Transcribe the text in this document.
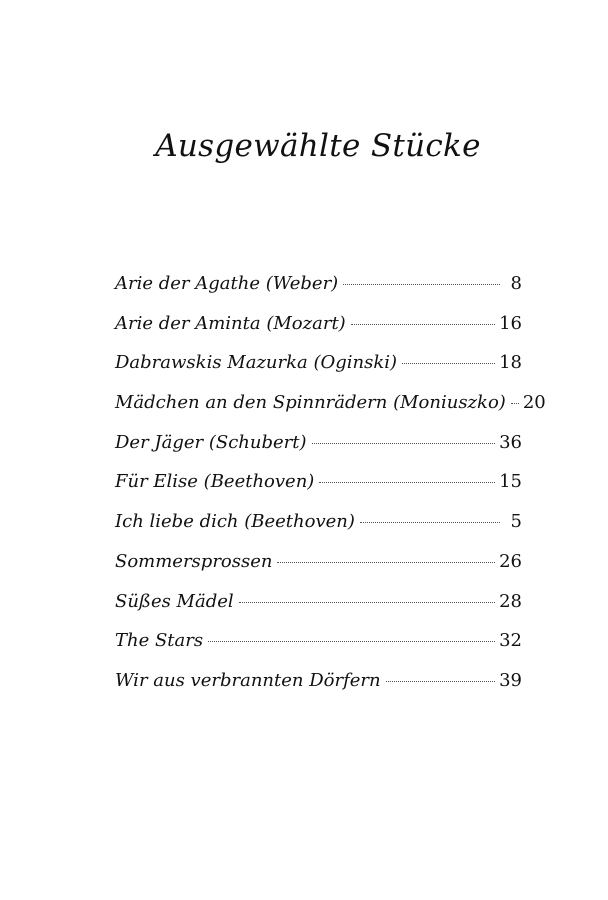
Ausgewählte Stücke
Arie der Agathe (Weber)	8
Arie der Aminta (Mozart)	16
Dabrawskis Mazurka (Oginski)	18
Mädchen an den Spinnrädern (Moniuszko) 20
Der Jäger (Schubert)	36
Für Elise (Beethoven)	15
Ich liebe dich (Beethoven)	5
Sommersprossen	26
Süßes Mädel	28
The Stars	32
Wir aus verbrannten Dörfern	39
